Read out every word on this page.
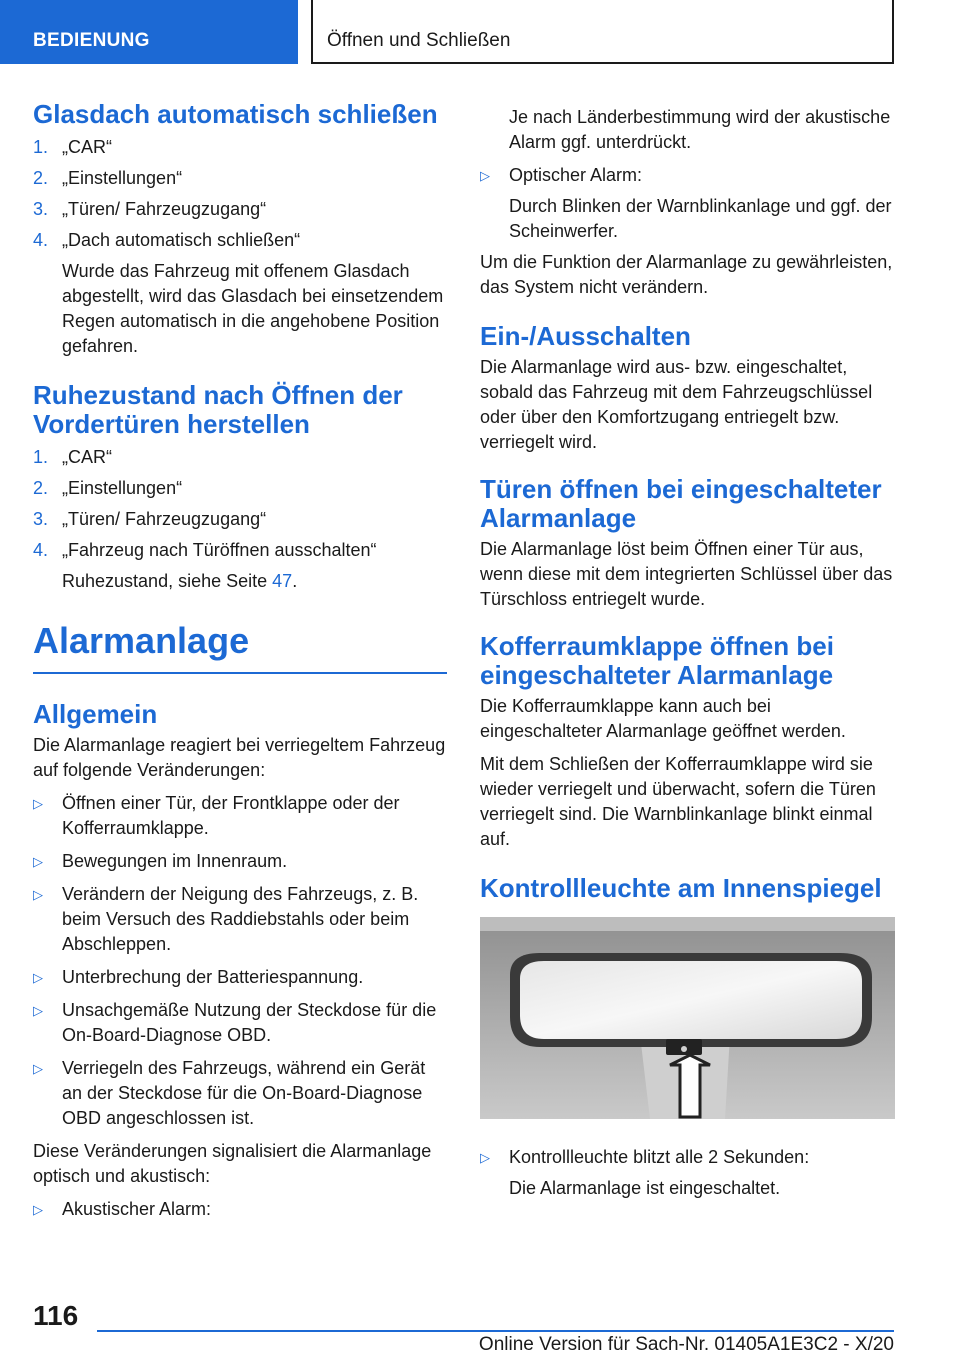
BEDIENUNG	Öffnen und Schließen
Glasdach automatisch schließen
1. „CAR“
2. „Einstellungen“
3. „Türen/ Fahrzeugzugang“
4. „Dach automatisch schließen“
Wurde das Fahrzeug mit offenem Glasdach abgestellt, wird das Glasdach bei einsetzendem Regen automatisch in die angehobene Position gefahren.
Ruhezustand nach Öffnen der Vordertüren herstellen
1. „CAR“
2. „Einstellungen“
3. „Türen/ Fahrzeugzugang“
4. „Fahrzeug nach Türöffnen ausschalten“
Ruhezustand, siehe Seite 47.
Alarmanlage
Allgemein

Die Alarmanlage reagiert bei verriegeltem Fahrzeug auf folgende Veränderungen:

▷ Öffnen einer Tür, der Frontklappe oder der Kofferraumklappe.
▷ Bewegungen im Innenraum.
▷ Verändern der Neigung des Fahrzeugs, z. B. beim Versuch des Raddiebstahls oder beim Abschleppen.
▷ Unterbrechung der Batteriespannung.
▷ Unsachgemäße Nutzung der Steckdose für die On-Board-Diagnose OBD.
▷ Verriegeln des Fahrzeugs, während ein Gerät an der Steckdose für die On-Board-Diagnose OBD angeschlossen ist.

Diese Veränderungen signalisiert die Alarmanlage optisch und akustisch:

▷ Akustischer Alarm:
Je nach Länderbestimmung wird der akustische Alarm ggf. unterdrückt.
▷ Optischer Alarm:
Durch Blinken der Warnblinkanlage und ggf. der Scheinwerfer.

Um die Funktion der Alarmanlage zu gewährleisten, das System nicht verändern.

Ein-/Ausschalten

Die Alarmanlage wird aus- bzw. eingeschaltet, sobald das Fahrzeug mit dem Fahrzeugschlüssel oder über den Komfortzugang entriegelt bzw. verriegelt wird.

Türen öffnen bei eingeschalteter Alarmanlage

Die Alarmanlage löst beim Öffnen einer Tür aus, wenn diese mit dem integrierten Schlüssel über das Türschloss entriegelt wurde.

Kofferraumklappe öffnen bei eingeschalteter Alarmanlage

Die Kofferraumklappe kann auch bei eingeschalteter Alarmanlage geöffnet werden.

Mit dem Schließen der Kofferraumklappe wird sie wieder verriegelt und überwacht, sofern die Türen verriegelt sind. Die Warnblinkanlage blinkt einmal auf.

Kontrollleuchte am Innenspiegel
▷ Kontrollleuchte blitzt alle 2 Sekunden:
Die Alarmanlage ist eingeschaltet.
116
Online Version für Sach-Nr. 01405A1E3C2 - X/20
